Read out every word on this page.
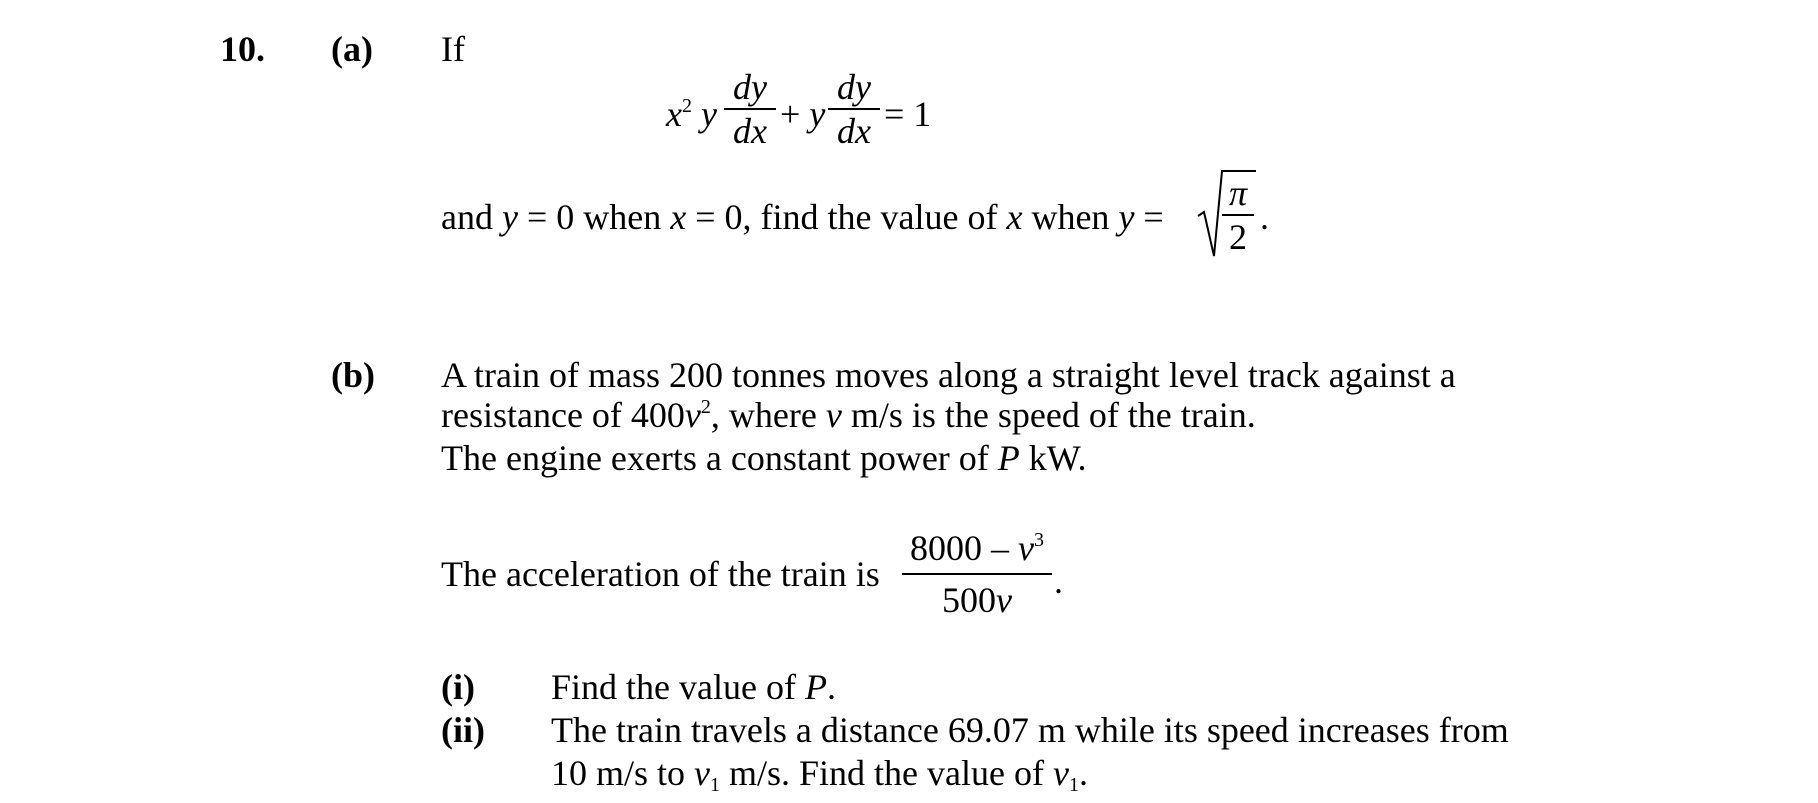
10. (a) If
$x^2$ y
dy
dx + y
dy
dx = 1
and y = 0 when x = 0, find the value of x when y =
π
2 .
(b) A train of mass 200 tonnes moves along a straight level track against a
resistance of $400v^2$, where v m/s is the speed of the train.
The engine exerts a constant power of P kW.
The acceleration of the train is
$8000 - v^3$
500v	.
(i) Find the value of P.
(ii) The train travels a distance 69.07 m while its speed increases from
10 m/s to $v_1$ m/s. Find the value of $v_1$.
